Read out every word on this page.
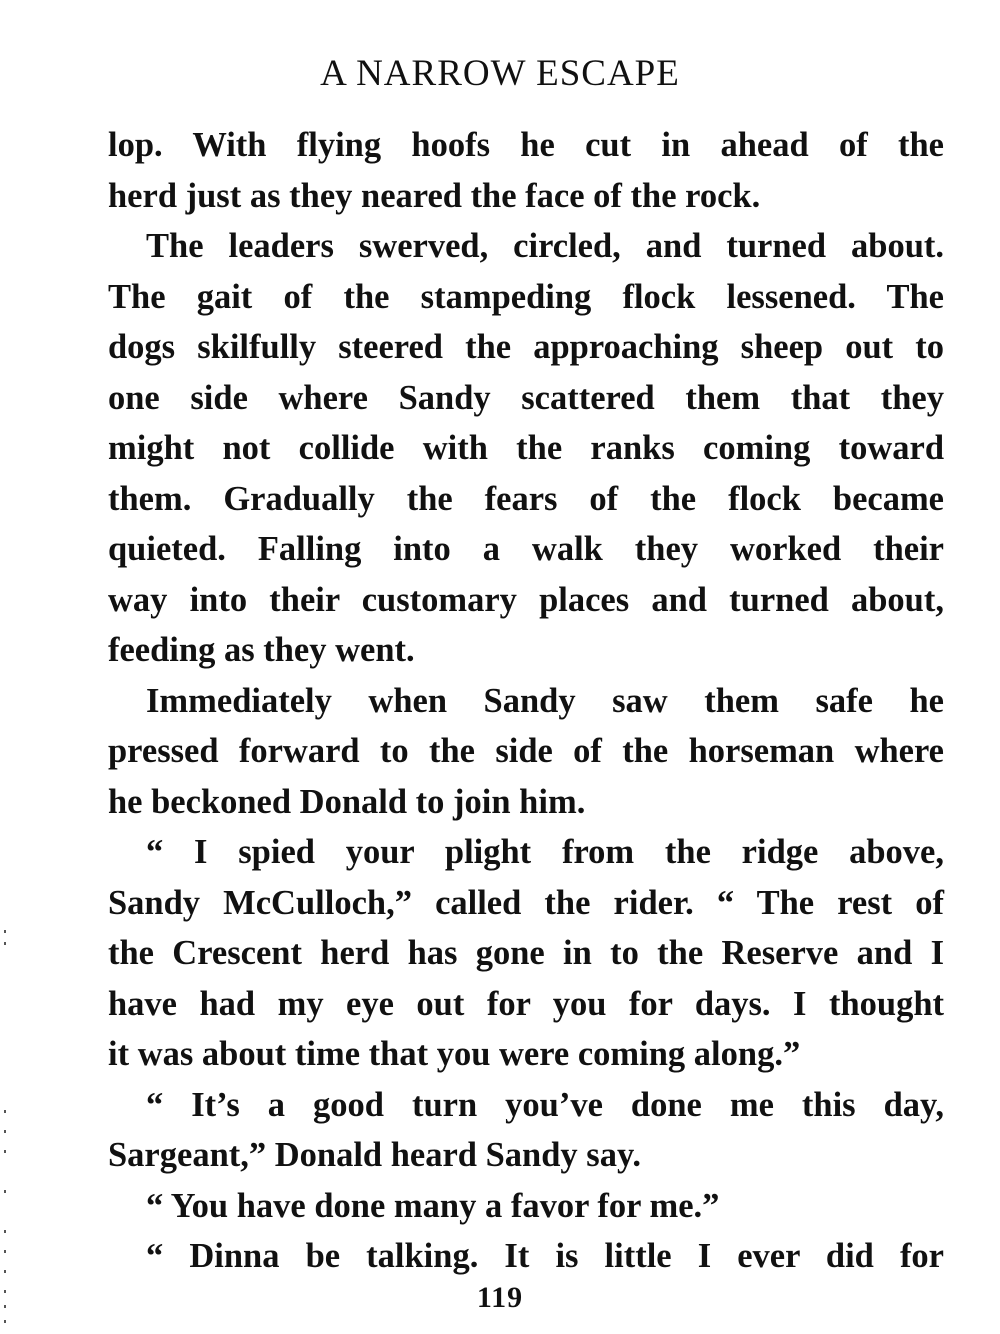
A NARROW ESCAPE
lop. With flying hoofs he cut in ahead of the
herd just as they neared the face of the rock.
The leaders swerved, circled, and turned about.
The gait of the stampeding flock lessened. The
dogs skilfully steered the approaching sheep out to
one side where Sandy scattered them that they
might not collide with the ranks coming toward
them. Gradually the fears of the flock became
quieted. Falling into a walk they worked their
way into their customary places and turned about,
feeding as they went.
Immediately when Sandy saw them safe he
pressed forward to the side of the horseman where
he beckoned Donald to join him.
“ I spied your plight from the ridge above,
Sandy McCulloch,” called the rider. “ The rest of
the Crescent herd has gone in to the Reserve and I
have had my eye out for you for days. I thought
it was about time that you were coming along.”
“ It’s a good turn you’ve done me this day,
Sargeant,” Donald heard Sandy say.
“ You have done many a favor for me.”
“ Dinna be talking. It is little I ever did for
119
